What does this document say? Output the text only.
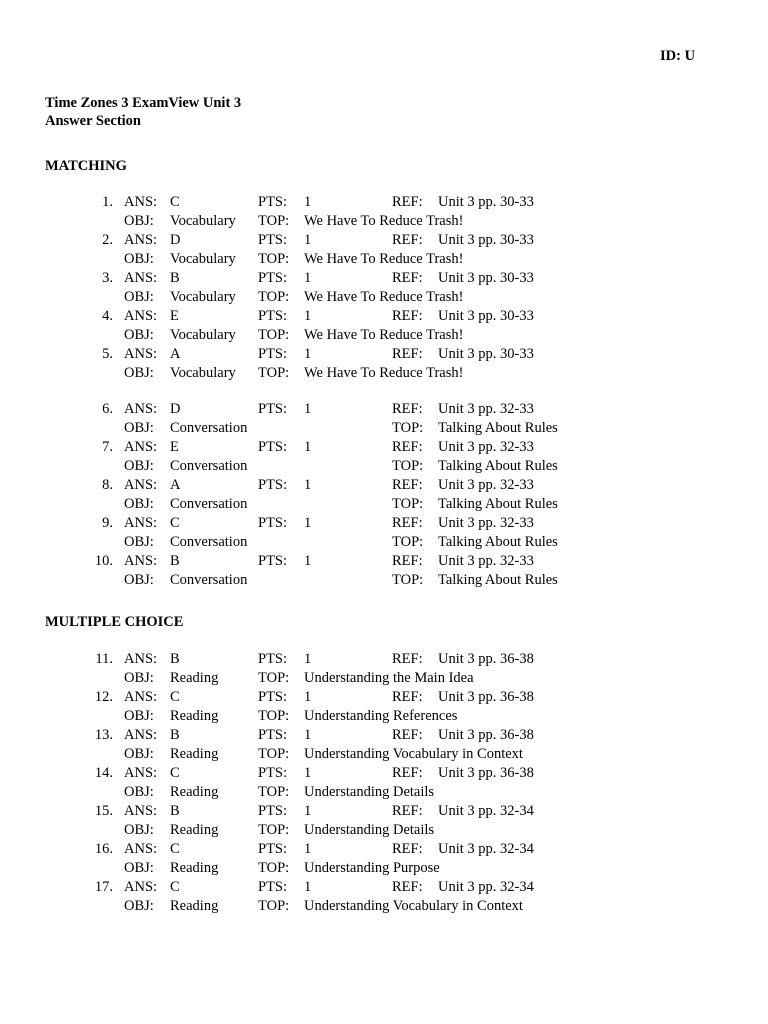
ID: U
Time Zones 3 ExamView Unit 3
Answer Section
MATCHING
MULTIPLE CHOICE
1. ANS: C	PTS: 1	REF: Unit 3 pp. 30-33
OBJ: Vocabulary TOP: We Have To Reduce Trash!
2. ANS: D	PTS: 1	REF: Unit 3 pp. 30-33
OBJ: Vocabulary TOP: We Have To Reduce Trash!
3. ANS: B	PTS: 1	REF: Unit 3 pp. 30-33
OBJ: Vocabulary TOP: We Have To Reduce Trash!
4. ANS: E	PTS: 1	REF: Unit 3 pp. 30-33
OBJ: Vocabulary TOP: We Have To Reduce Trash!
5. ANS: A	PTS: 1	REF: Unit 3 pp. 30-33
OBJ: Vocabulary TOP: We Have To Reduce Trash!
6. ANS: D	PTS: 1	REF: Unit 3 pp. 32-33
OBJ: Conversation	TOP: Talking About Rules
7. ANS: E	PTS: 1	REF: Unit 3 pp. 32-33
OBJ: Conversation	TOP: Talking About Rules
8. ANS: A	PTS: 1	REF: Unit 3 pp. 32-33
OBJ: Conversation	TOP: Talking About Rules
9. ANS: C	PTS: 1	REF: Unit 3 pp. 32-33
OBJ: Conversation	TOP: Talking About Rules
10. ANS: B	PTS: 1	REF: Unit 3 pp. 32-33
OBJ: Conversation	TOP: Talking About Rules
11. ANS: B	PTS: 1	REF: Unit 3 pp. 36-38
OBJ: Reading	TOP: Understanding the Main Idea
12. ANS: C	PTS: 1	REF: Unit 3 pp. 36-38
OBJ: Reading	TOP: Understanding References
13. ANS: B	PTS: 1	REF: Unit 3 pp. 36-38
OBJ: Reading	TOP: Understanding Vocabulary in Context
14. ANS: C	PTS: 1	REF: Unit 3 pp. 36-38
OBJ: Reading	TOP: Understanding Details
15. ANS: B	PTS: 1	REF: Unit 3 pp. 32-34
OBJ: Reading	TOP: Understanding Details
16. ANS: C	PTS: 1	REF: Unit 3 pp. 32-34
OBJ: Reading	TOP: Understanding Purpose
17. ANS: C	PTS: 1	REF: Unit 3 pp. 32-34
OBJ: Reading	TOP: Understanding Vocabulary in Context
